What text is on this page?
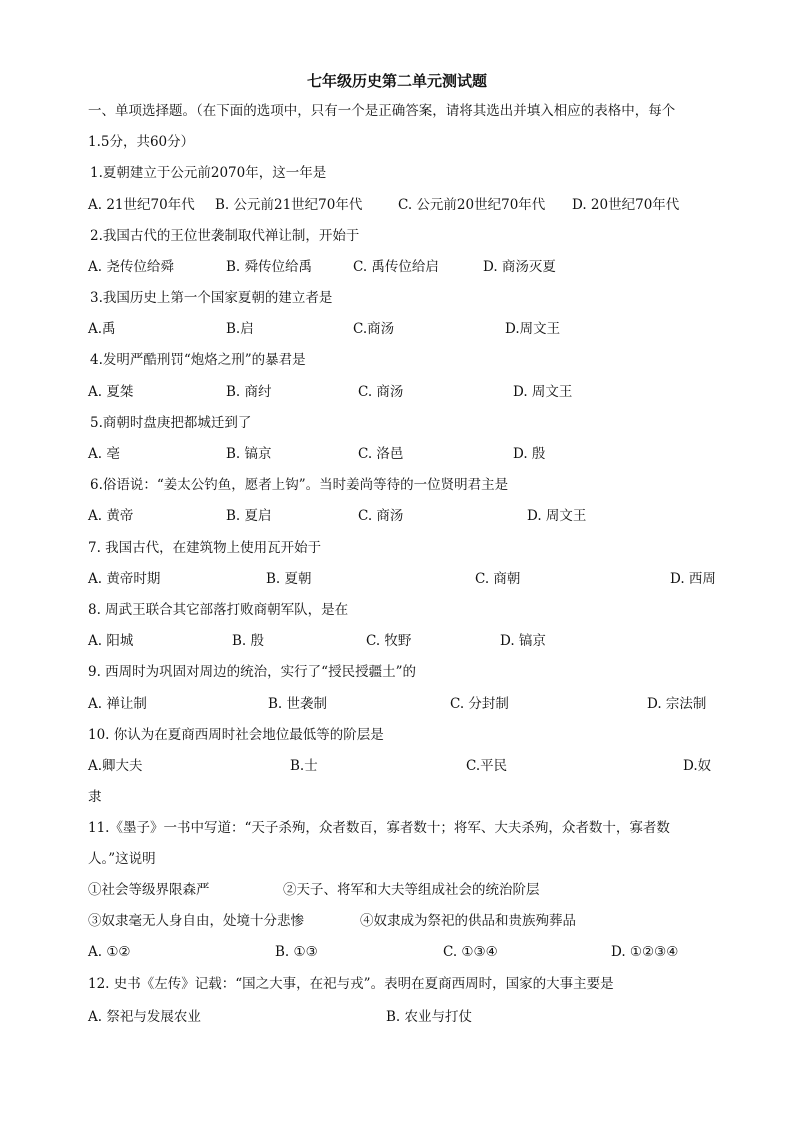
七年级历史第二单元测试题
一、单项选择题。（在下面的选项中，只有一个是正确答案，请将其选出并填入相应的表格中，每个
1.5分，共60分）
1.夏朝建立于公元前2070年，这一年是
A. 21世纪70年代 B. 公元前21世纪70年代	C. 公元前20世纪70年代 D. 20世纪70年代
2.我国古代的王位世袭制取代禅让制，开始于
A. 尧传位给舜	B. 舜传位给禹	C. 禹传位给启	D. 商汤灭夏
3.我国历史上第一个国家夏朝的建立者是
A.禹	B.启	C.商汤	D.周文王
4.发明严酷刑罚“炮烙之刑”的暴君是
A. 夏桀	B. 商纣	C. 商汤	D. 周文王
5.商朝时盘庚把都城迁到了
A. 亳	B. 镐京	C. 洛邑	D. 殷
6.俗语说：“姜太公钓鱼，愿者上钩”。当时姜尚等待的一位贤明君主是
A. 黄帝	B. 夏启	C. 商汤	D. 周文王
7. 我国古代，在建筑物上使用瓦开始于
A. 黄帝时期	B. 夏朝	C. 商朝	D. 西周
8. 周武王联合其它部落打败商朝军队，是在
A. 阳城	B. 殷	C. 牧野	D. 镐京
9. 西周时为巩固对周边的统治，实行了“授民授疆土”的
A. 禅让制	B. 世袭制	C. 分封制	D. 宗法制
10. 你认为在夏商西周时社会地位最低等的阶层是
A.卿大夫	B.士	C.平民	D.奴
隶
11.《墨子》一书中写道：“天子杀殉，众者数百，寡者数十；将军、大夫杀殉，众者数十，寡者数
人。”这说明
①社会等级界限森严	②天子、将军和大夫等组成社会的统治阶层
③奴隶毫无人身自由，处境十分悲惨	④奴隶成为祭祀的供品和贵族殉葬品
A. ①②	B. ①③	C. ①③④	D. ①②③④
12. 史书《左传》记载：“国之大事，在祀与戎”。表明在夏商西周时，国家的大事主要是
A. 祭祀与发展农业	B. 农业与打仗
